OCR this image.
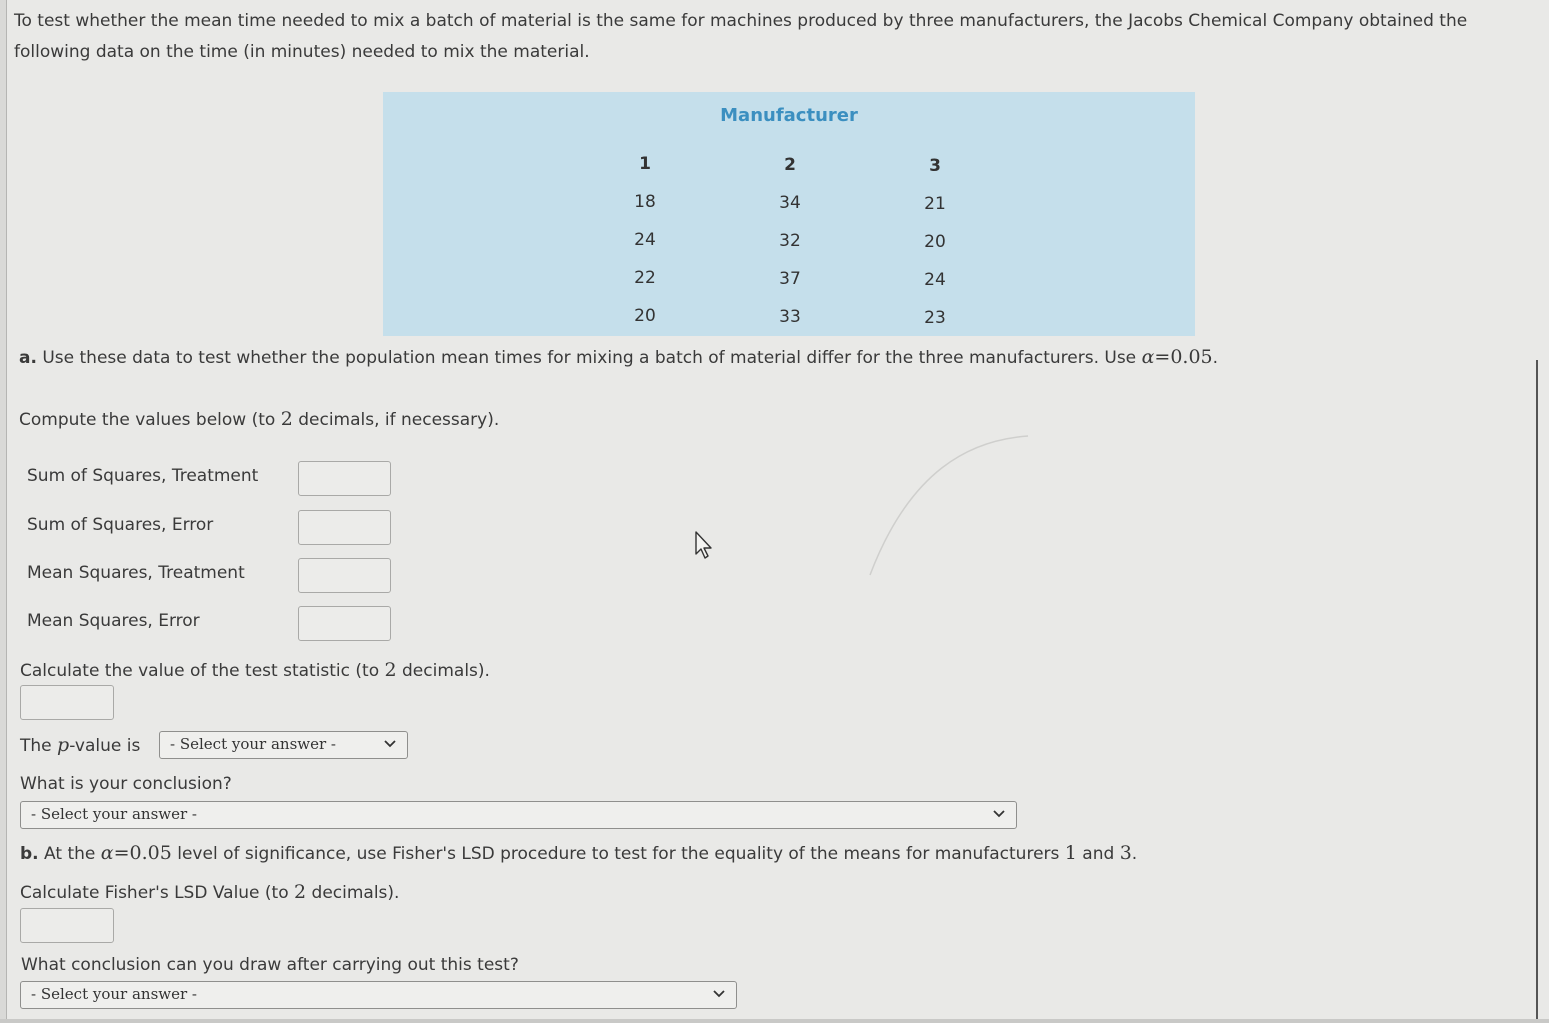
To test whether the mean time needed to mix a batch of material is the same for machines produced by three manufacturers, the Jacobs Chemical Company obtained the following data on the time (in minutes) needed to mix the material.
Manufacturer
1	2	3
18	34	21
24	32	20
22	37	24
20	33	23
a. Use these data to test whether the population mean times for mixing a batch of material differ for the three manufacturers. Use α=0.05.
Compute the values below (to 2 decimals, if necessary).
Sum of Squares, Treatment
Sum of Squares, Error
Mean Squares, Treatment
Mean Squares, Error
Calculate the value of the test statistic (to 2 decimals).
The p-value is - Select your answer -
What is your conclusion?
- Select your answer -
b. At the α=0.05 level of significance, use Fisher's LSD procedure to test for the equality of the means for manufacturers 1 and 3.
Calculate Fisher's LSD Value (to 2 decimals).
What conclusion can you draw after carrying out this test?
- Select your answer -
